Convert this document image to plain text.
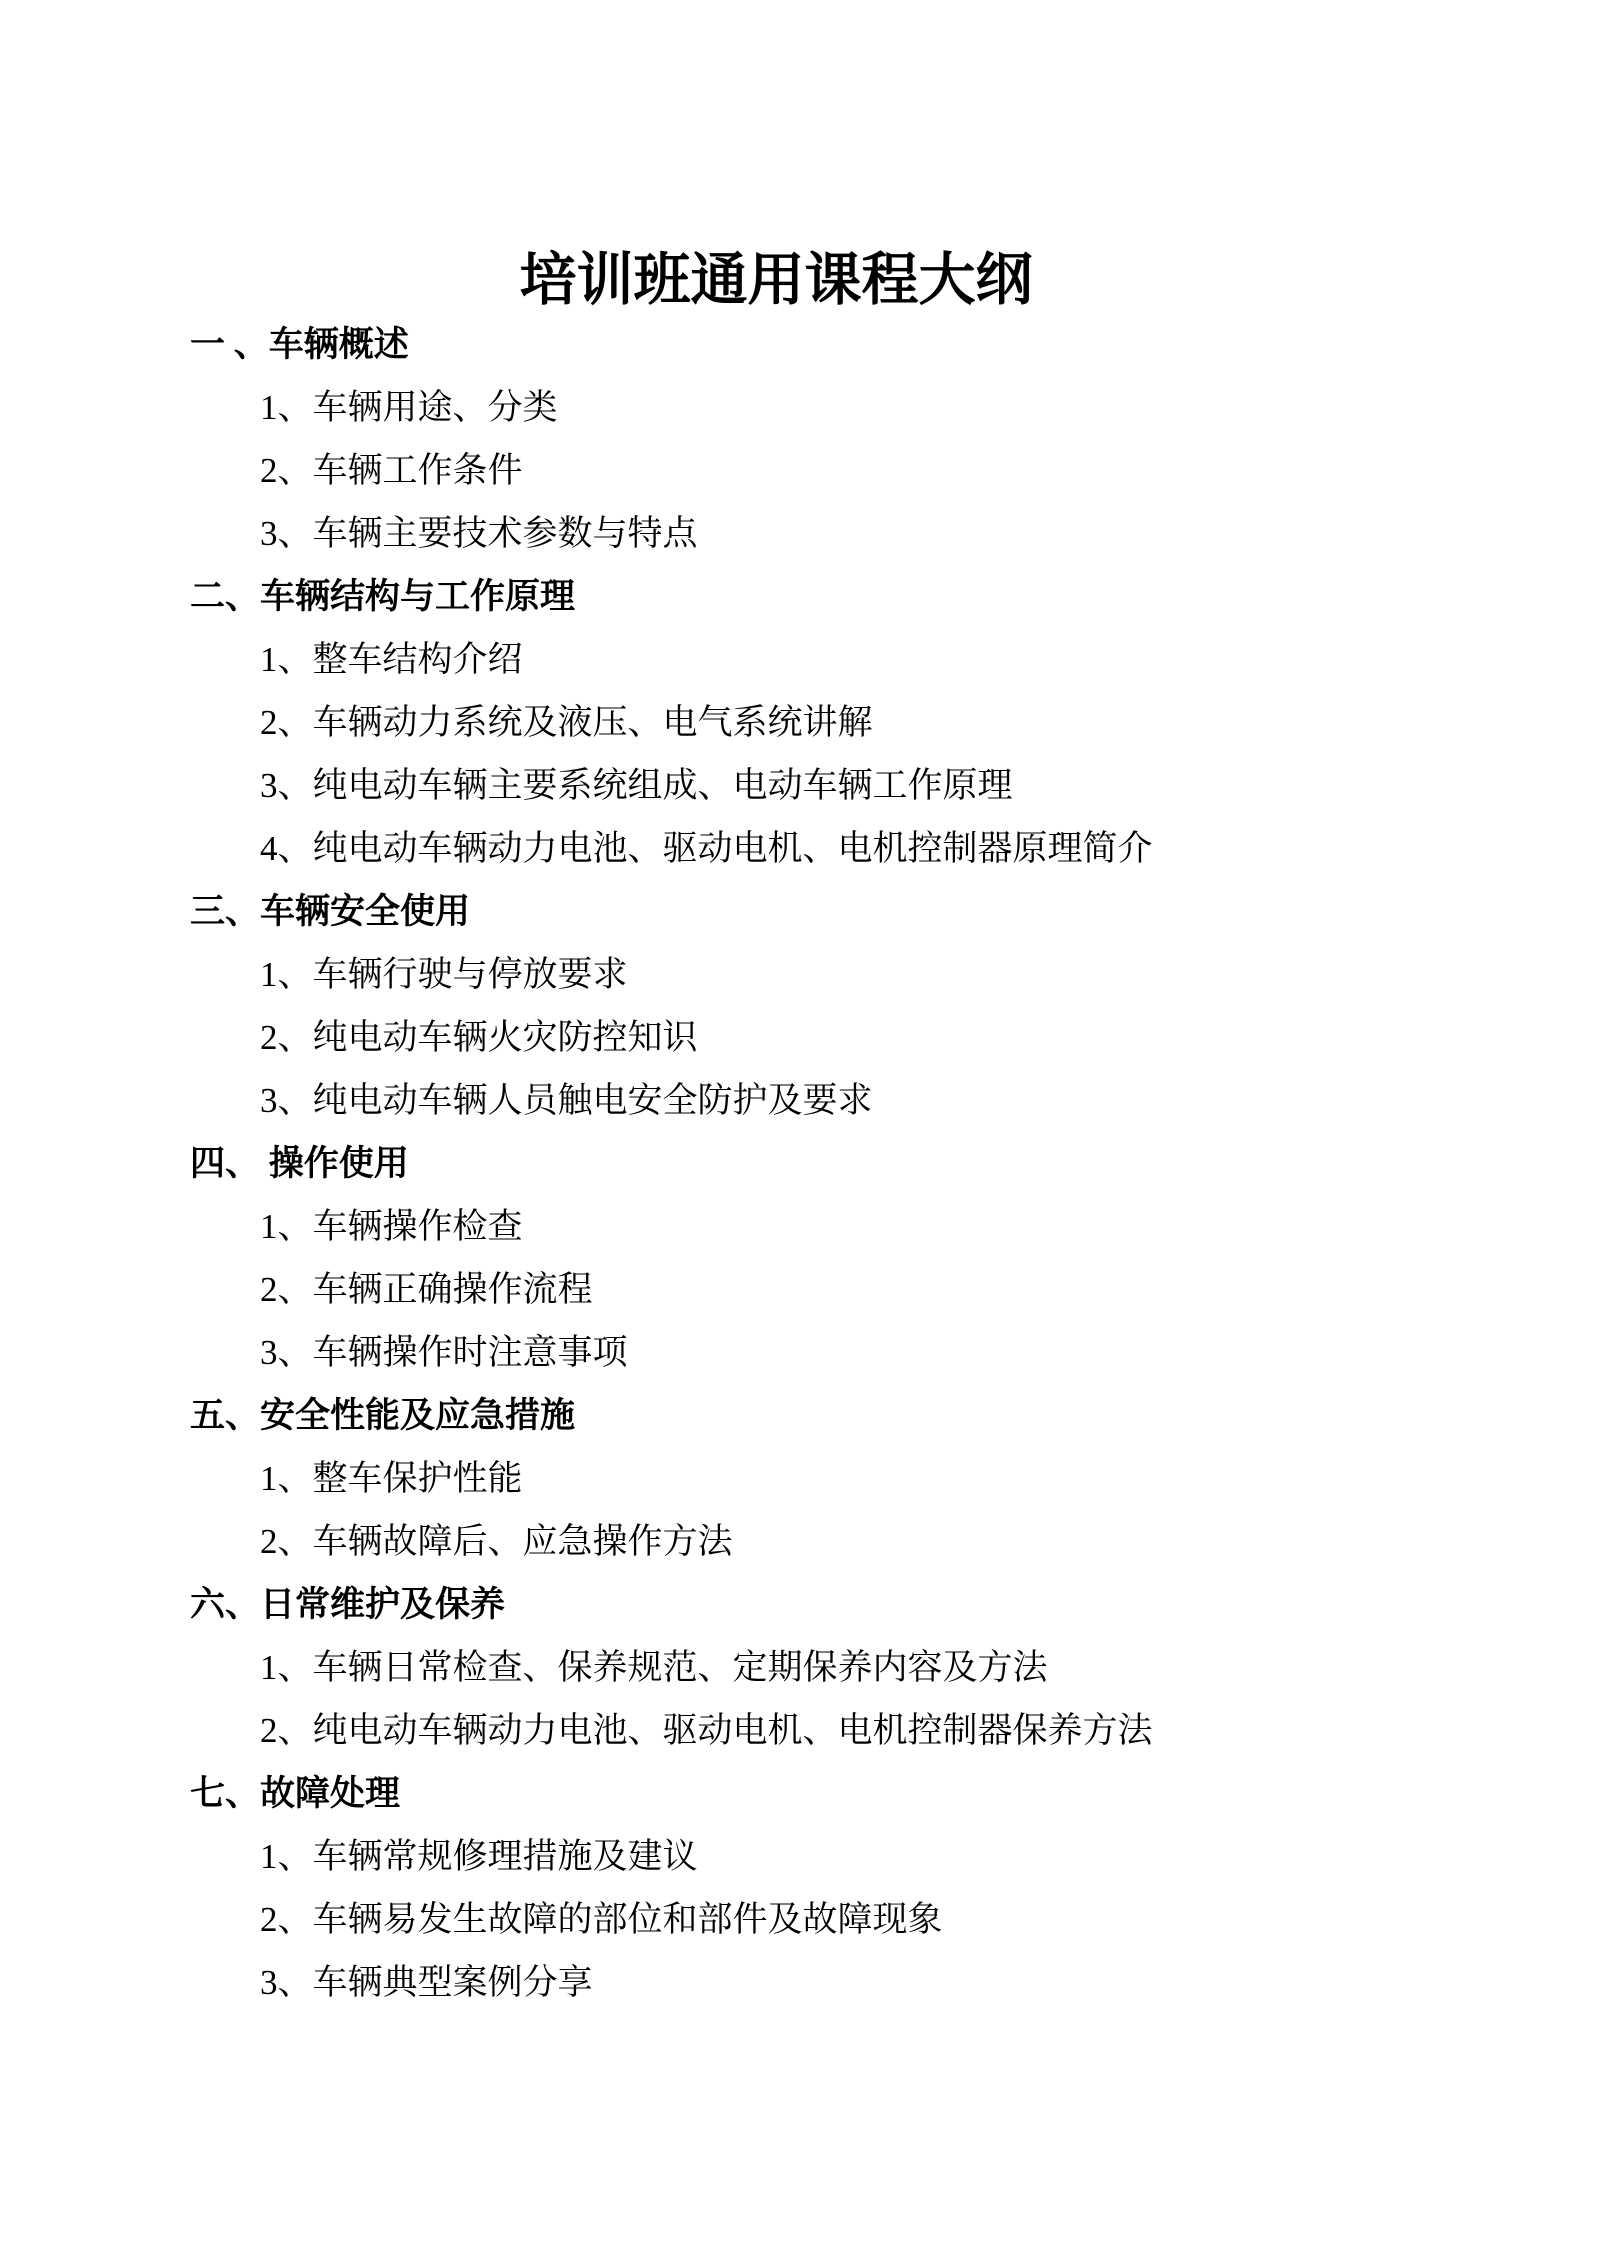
培训班通用课程大纲
一 、车辆概述
1、车辆用途、分类
2、车辆工作条件
3、车辆主要技术参数与特点
二、车辆结构与工作原理
1、整车结构介绍
2、车辆动力系统及液压、电气系统讲解
3、纯电动车辆主要系统组成、电动车辆工作原理
4、纯电动车辆动力电池、驱动电机、电机控制器原理简介
三、车辆安全使用
1、车辆行驶与停放要求
2、纯电动车辆火灾防控知识
3、纯电动车辆人员触电安全防护及要求
四、 操作使用
1、车辆操作检查
2、车辆正确操作流程
3、车辆操作时注意事项
五、安全性能及应急措施
1、整车保护性能
2、车辆故障后、应急操作方法
六、日常维护及保养
1、车辆日常检查、保养规范、定期保养内容及方法
2、纯电动车辆动力电池、驱动电机、电机控制器保养方法
七、故障处理
1、车辆常规修理措施及建议
2、车辆易发生故障的部位和部件及故障现象
3、车辆典型案例分享
